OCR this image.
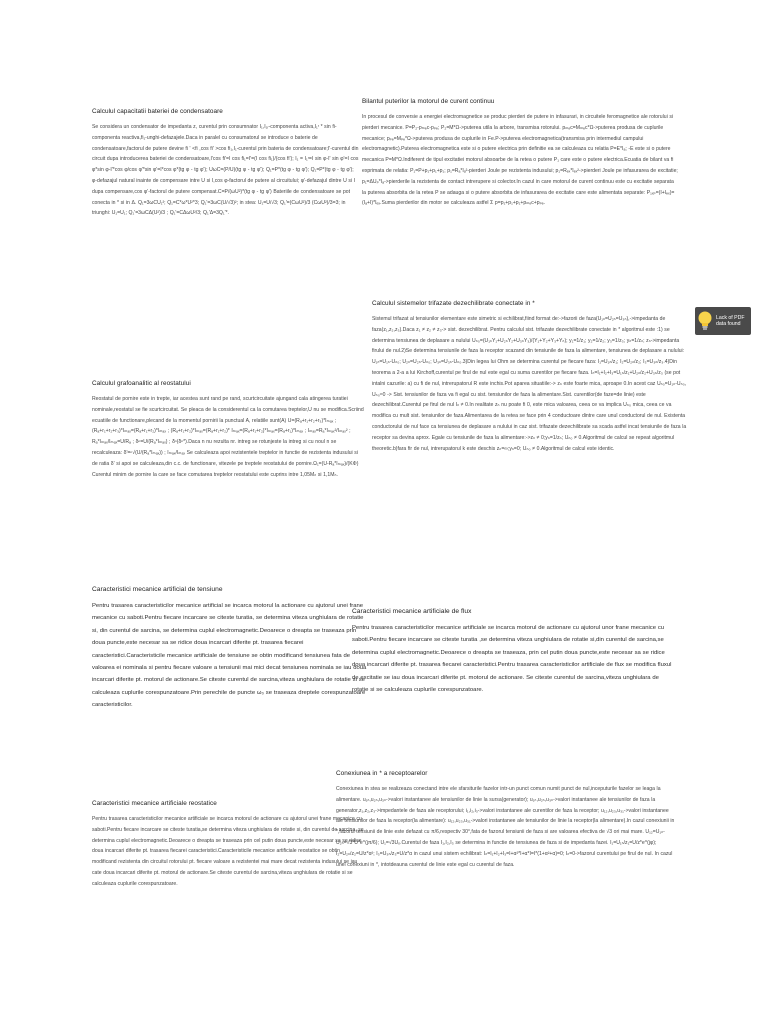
Calculul capacitatii bateriei de condensatoare

Se considera un condensator de impedanta z, curentul prin consumnator I₁,I₁ᵣ-componenta activa,I₁ʳ * sin fi-componenta reactiva,fi₁-unghi-defazajele.Daca in paralel cu consumatorul se introduce o baterie de condensatoare,factorul de putere devine fi ' <fi ,cos fi' >cos fi₁,I₁-curentul prin bateria de condensatoare;I'-curentul din circuit dupa introducerea bateriei de condensatoare,I'cos fi'=I cos fi₁=I'=(I cos fi₁)/(cos fi'); I₁ = I₁ʳ=I sin φ-I' sin φ'=I cos φ*sin φ-I'*cos φ/cos φ'*sin φ'=I*cos φ*(tg φ - tg φ'); UωC=(P/U)(tg φ - tg φ'); Q₁=P*(tg φ - tg φ'); Q₁=P*(tg φ - tg φ'); φ-defazajul natural inainte de compensare intre U si I,cos φ-factorul de putere al circuitului; φ'-defazajul dintre U si I dupa compensare,cos φ'-factorul de putere compensat.C=P/(ωU²)*(tg φ - tg φ') Bateriile de condensatoare se pot conecta in * si in Δ. Q₁=3ωCU₁²; Q₁=C*ω*U²*3; Q₁'=3ωC(U/√3)²; in stea: U₁=U/√3; Q₁'=(CωU²)/3 (CωU²)/3=3; in triunghi: U₁=U₁; Q₁'=3ωCΔ(U²)/3 ; Q₁'=CΔωU²/3; Q₁'Δ=3Q₁'*.

Bilantul puterilor la motorul de curent continuu

In procesul de conversie a energiei electromagnetice se produc pierderi de putere in infasurari, in circuitele feromagnetice ale rotorului si pierderi mecanice. P=P₂-pₘₑc-pₚₑ; P₂=M*Ω->puterea utila la arbore, transmisa rotorului. pₘₑc=Mₘₑc*Ω->puterea produsa de cuplurile mecanice; pₚₑ=Mₚₑ*Ω->puterea produsa de cuplurile in Fe.P->puterea electromagnetica(transmisa prin intermediul campului electromagnetic).Puterea electromagnetica este si o putere electrica prin definitie ea se calculeaza cu relatia P=E*Iₐ; -E este si o putere mecanica P=M*Ω.Indiferent de tipul excitatiei motorul absoarbe de la retea o putere P₁ care este o putere electrica.Ecuatia de bilant va fi exprimata de relatia: P₁=P+p₁+p₁+p₁; p₁=Rₐ*Iₐ²-pierderi Joule pe rezistenta indusului; p₁=Rₑₓ*Iₑₓ²->pierderi Joule pe infasurarea de excitatie; p₁=ΔUₚ*Iₐ->pierderile la rezistenta de contact intrerupere si colector.In cazul in care motorul de curent continuu este cu excitatie separata la puterea absorbita de la retea P se adauga si o putere absorbita de infasurarea de excitatie care este alimentata separate: P₁ₓₚ=(I+Iₑₓ)=(Iₐ+I)*Iₑₓ.Suma pierderilor din motor se calculeaza astfel Σ p=p₁+p₁+p₁+pₘₑc+pₚₑ.

Calculul sistemelor trifazate dezechilibrate conectate in *

Sistemul trifazat al tensiunilor elementare este simetric si echilibrat,fiind format de:->fazorii de faza(U₁ₙ=U₂ₙ=U₃ₙ),->impedanta de faza(z₁,z₂,z₃).Daca z₁ ≠ z₂ ≠ z₃-> sist. dezechilibrat. Pentru calculul sist. trifazate dezechilibrate conectate in * algoritmul este :1) se determina tensiunea de deplasare a nulului Uₙ₀=(U₁ₙY₁+U₂ₙY₂+U₃ₙY₃)/(Y₁+Y₂+Y₃+Yₙ); y₁=1/z₁; y₂=1/z₂; y₃=1/z₃; yₙ=1/zₙ; zₙ->impedanta firului de nul.2)Se determina tensiunile de faza la receptor scazand din tensiunile de faza la alimentare, tensiunea de deplasare a nulului: U₁ₙ=U₁ₙ-Uₙ₀; U₂ₙ=U₂ₙ-Uₙ₀; U₃ₙ=U₃ₙ-Uₙ₀.3)Din legea lui Ohm se determina curentul pe fiecare faza: I₁=U₁ₙ/z₁; I₂=U₂ₙ/z₂; I₃=U₃ₙ/z₃.4)Din teorema a 2-a a lui Kirchoff,curentul pe firul de nul este egal cu suma curentilor pe fiecare faza. Iₙ=I₁+I₂+I₃=U₁ₙ/z₁+U₂ₙ/z₂+U₃ₙ/z₃ (se pot intalni cazurile: a) cu fi de nul, intrerupatorul R este inchis.Pot aparea situatiile:-> zₙ este foarte mica, aproape 0.In acest caz Uₙ₀=U₁ₙ-Uₙ₀, Uₙ₀≈0 -> Sist. tensiunilor de faza va fi egal cu sist. tensiunilor de faza la alimentare.Sist. curentilor(de faze=de linie) este dezechilibrat.Curentul pe firul de nul Iₙ ≠ 0.In realitate zₙ nu poate fi 0, este mica valoarea, ceea ce va implica Uₙ₀ mica, ceea ce va modifica cu mult sist. tensiunilor de faza.Alimentarea de la retea se face prin 4 conductoare dintre care unul conductorul de nul. Existenta conductorului de nul face ca tensiunea de deplasare a nulului in caz sist. trifazate dezechilibrate sa scada astfel incat tensiunile de faza la receptor sa devina aprox. Egale cu tensiunile de faza la alimentare:->zₙ ≠ 0;yₙ=1/zₙ; Uₙ₀ ≠ 0.Algoritmul de calcul se repeat algoritmul theoretic.b)fara fir de nul, intrerupatorul k este deschis zₙ=∞;yₙ=0; Uₙ₀ ≠ 0.Algoritmul de calcul este identic.

Lack of PDF data found

Calculul grafoanalitic al reostatului

Reostatul de pornire este in trepte, iar acestea sunt rand pe rand, scurtcircuitate ajungand cala atingerea turatiei nominale,reostatul se fie scurtcircuitat. Se pleaca de la considerentul ca la comutarea treptelor,U nu se modifica.Scriind ecuatiile de functionare,plecand de la momentul pornirii la punctual A, relatiile sunt(A) U=(Rₐ+r₁+r₂+r₃)*Iₘₐₓ ; (Rₐ+r₁+r₂+r₃)*Iₘₐₓ=(Rₐ+r₁+r₂)*Iₘₐₓ ; (Rₐ+r₁+r₂)*Iₘₐₓ=(Rₐ+r₁+r₂)* Iₘₐₓ=(Rₐ+r₁+r₂)*Iₘₐₓ=(Rₐ+r₁)*Iₘₐₓ ; Iₘₐₓ=Rₐ*Iₘₐₓ²/Iₘₐₓ² ; Rₐ*Iₘₐₓ/Iₘₐₓ=U/Rₐ ; δⁿ=U/(Rₐ*Iₘₐₓ) ; δⁿ(δⁿ*).Daca n nu rezulta nr. intreg se rotunjeste la intreg si cu noul n se recalculeaza: δ'=ⁿ√(U/(Rₐ*Iₘₐₓ)) ; Iₘₐₓ/Iₘₐₓ Se calculeaza apoi rezistentele treptelor in functie de rezistenta indusului si de ratia δ' si apoi se calculeaza,din c.c. de functionare, vitezele pe treptele reostatului de pornire.Ω₁=(U-Rₐ*Iₘₐₓ)/(KΦ) Curentul minim de pornire la care se face comutarea treptelor reostatului este cuprins intre 1,05Mₙ si 1,1Mₙ.

Caracteristici mecanice artificial de tensiune

Pentru trasarea caracteristicilor mecanice artificial se incarca motorul la actionare cu ajutorul unei frane mecanice cu saboti.Pentru fiecare incarcare se citeste turatia, se determina viteza unghiulara de rotatie si, din curentul de sarcina, se determina cuplul electromagnetic.Deoarece o dreapta se traseaza prin doua puncte,este necesar sa se ridice doua incarcari diferite pt. trasarea fiecarei caracteristici.Caracteristicile mecanice artificiale de tensiune se obtin modificand tensiunea fata de valoarea ei nominala si pentru fiecare valoare a tensiunii mai mici decat tensiunea nominala se iau doua incarcari diferite pt. motorul de actionare.Se citeste curentul de sarcina,viteza unghiulara de rotatie si se calculeaza cuplurile corespunzatoare.Prin perechile de puncte ω₀ se traseaza dreptele corespunzatoare caracteristicilor.

Caracteristici mecanice artificiale de flux

Pentru trasarea caracteristicilor mecanice artificiale se incarca motorul de actionare cu ajutorul unor frane mecanice cu saboti.Pentru fiecare incarcare se citeste turatia ,se determina viteza unghiulara de rotatie si,din curentul de sarcina,se determina cuplul electromagnetic.Deoarece o dreapta se traseaza, prin cel putin doua puncte,este necesar sa se ridice doua incarcari diferite pt. trasarea fiecarei caracteristici.Pentru trasarea caracteristicilor artificiale de flux se modifica fluxul de excitatie se iau doua incarcari diferite pt. motorul de actionare. Se citeste curentul de sarcina,viteza unghiulara de rotatie si se calculeaza cuplurile corespunzatoare.

Caracteristici mecanice artificiale reostatice

Pentru trasarea caracteristicilor mecanice artificiale se incarca motorul de actionare cu ajutorul unei frane mecanice cu saboti.Pentru fiecare incarcare se citeste turatia,se determina viteza unghiulara de rotatie si, din curentul de sarcina, se determina cuplul electromagnetic.Deoarece o dreapta se traseaza prin cel putin doua puncte,este necesar sa se ridice doua incarcari diferite pt. trasarea fiecarei caracteristici.Caracteristicile mecanice artificiale reostatice se obtin modificand rezistenta din circuitul rotorului pt. fiecare valoare a rezistentei mai mare decat rezistenta indusului se iau cate doua incarcari diferite pt. motorul de actionare.Se citeste curentul de sarcina,viteza unghiulara de rotatie si se calculeaza cuplurile corespunzatoare.

Conexiunea in * a receptoarelor

Conexiunea in stea se realizeaza conectand intre ele sfarsiturile fazelor intr-un punct comun numit punct de nul,inceputurile fazelor se leaga la alimentare. u₁ₙ,u₂ₙ,u₃ₙ->valori instantanee ale tensiunilor de linie la sursa(generator); u₁ₙ,u₂ₙ,u₃ₙ->valori instantanee ale tensiunilor de faza la generator,z₁,z₂,z₃->impedantele de faza ale receptorului; i₁,i₂,i₃->valori instantanee ale curentilor de faza la receptor; u₁₂,u₂₃,u₃₁->valori instantanee ale tensiunilor de faza la receptor(la alimentare): u₁₂,u₂₃,u₃₁->valori instantanee ale tensiunilor de linie la receptor(la alimentare).In cazul conexiunii in *,fazorul tensiunii de linie este defazat cu π/6,respectiv 30°,fata de fazorul tensiunii de faza si are valoarea efectiva de √3 ori mai mare. U₁₂=U₁ₙ-U₂ₙ=√3*U*e^(jπ/6); U₁=√3Uₒ.Curentul de faza I₁,I₂,I₃ se determina in functie de tensiunea de faza si de impedanta fazei. I₁=U₁ₙ/z₁=U/z*e^(jφ); I₂=U₂ₙ/z₂=U/z*α²; I₃=U₃ₙ/z₃=U/z*α in cazul unui sistem echilibrat: Iₙ=I₁+I₂+I₃=I+α²*I+α*I=I*(1+α²+α)=0; Iₙ=0->fazorul curentului pe firul de nul. In cazul unei conexiuni in *, intotdeauna curentul de linie este egal cu curentul de faza.
